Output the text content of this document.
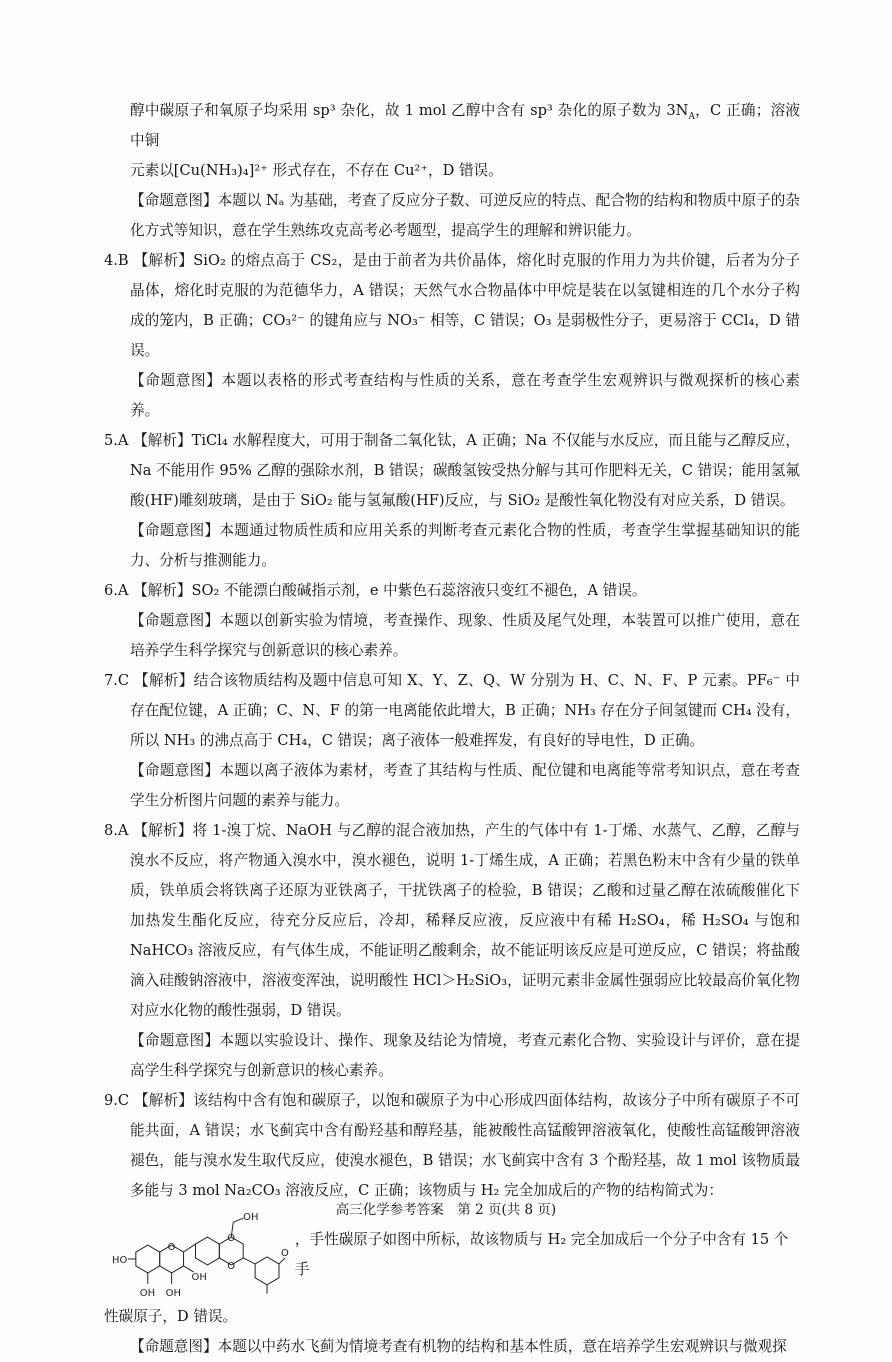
醇中碳原子和氧原子均采用 sp³ 杂化，故 1 mol 乙醇中含有 sp³ 杂化的原子数为 $3N_A$，C 正确；溶液中铜

元素以[Cu(NH₃)₄]²⁺ 形式存在，不存在 Cu²⁺，D 错误。

【命题意图】本题以 Nₐ 为基础，考查了反应分子数、可逆反应的特点、配合物的结构和物质中原子的杂化方式等知识，意在学生熟练攻克高考必考题型，提高学生的理解和辨识能力。

4.B 【解析】SiO₂ 的熔点高于 CS₂，是由于前者为共价晶体，熔化时克服的作用力为共价键，后者为分子晶体，熔化时克服的为范德华力，A 错误；天然气水合物晶体中甲烷是装在以氢键相连的几个水分子构成的笼内，B 正确；CO₃²⁻ 的键角应与 NO₃⁻ 相等，C 错误；O₃ 是弱极性分子，更易溶于 CCl₄，D 错误。

【命题意图】本题以表格的形式考查结构与性质的关系，意在考查学生宏观辨识与微观探析的核心素养。

5.A 【解析】TiCl₄ 水解程度大，可用于制备二氧化钛，A 正确；Na 不仅能与水反应，而且能与乙醇反应，Na 不能用作 95% 乙醇的强除水剂，B 错误；碳酸氢铵受热分解与其可作肥料无关，C 错误；能用氢氟酸(HF)雕刻玻璃，是由于 SiO₂ 能与氢氟酸(HF)反应，与 SiO₂ 是酸性氧化物没有对应关系，D 错误。

【命题意图】本题通过物质性质和应用关系的判断考查元素化合物的性质，考查学生掌握基础知识的能力、分析与推测能力。

6.A 【解析】SO₂ 不能漂白酸碱指示剂，e 中紫色石蕊溶液只变红不褪色，A 错误。

【命题意图】本题以创新实验为情境，考查操作、现象、性质及尾气处理，本装置可以推广使用，意在培养学生科学探究与创新意识的核心素养。

7.C 【解析】结合该物质结构及题中信息可知 X、Y、Z、Q、W 分别为 H、C、N、F、P 元素。PF₆⁻ 中存在配位键，A 正确；C、N、F 的第一电离能依此增大，B 正确；NH₃ 存在分子间氢键而 CH₄ 没有，所以 NH₃ 的沸点高于 CH₄，C 错误；离子液体一般难挥发，有良好的导电性，D 正确。

【命题意图】本题以离子液体为素材，考查了其结构与性质、配位键和电离能等常考知识点，意在考查学生分析图片问题的素养与能力。

8.A 【解析】将 1-溴丁烷、NaOH 与乙醇的混合液加热，产生的气体中有 1-丁烯、水蒸气、乙醇，乙醇与溴水不反应，将产物通入溴水中，溴水褪色，说明 1-丁烯生成，A 正确；若黑色粉末中含有少量的铁单质，铁单质会将铁离子还原为亚铁离子，干扰铁离子的检验，B 错误；乙酸和过量乙醇在浓硫酸催化下加热发生酯化反应，待充分反应后，冷却，稀释反应液，反应液中有稀 H₂SO₄，稀 H₂SO₄ 与饱和 NaHCO₃ 溶液反应，有气体生成，不能证明乙酸剩余，故不能证明该反应是可逆反应，C 错误；将盐酸滴入硅酸钠溶液中，溶液变浑浊，说明酸性 HCl＞H₂SiO₃，证明元素非金属性强弱应比较最高价氧化物对应水化物的酸性强弱，D 错误。

【命题意图】本题以实验设计、操作、现象及结论为情境，考查元素化合物、实验设计与评价，意在提高学生科学探究与创新意识的核心素养。

9.C 【解析】该结构中含有饱和碳原子，以饱和碳原子为中心形成四面体结构，故该分子中所有碳原子不可能共面，A 错误；水飞蓟宾中含有酚羟基和醇羟基，能被酸性高锰酸钾溶液氧化，使酸性高锰酸钾溶液褪色，能与溴水发生取代反应，使溴水褪色，B 错误；水飞蓟宾中含有 3 个酚羟基，故 1 mol 该物质最多能与 3 mol Na₂CO₃ 溶液反应，C 正确；该物质与 H₂ 完全加成后的产物的结构简式为：

HO
OH OH
OH
OH
O
O
O
O
，手性碳原子如图中所标，故该物质与 H₂ 完全加成后一个分子中含有 15 个手

性碳原子，D 错误。

【命题意图】本题以中药水飞蓟为情境考查有机物的结构和基本性质，意在培养学生宏观辨识与微观探

高三化学参考答案　第 2 页(共 8 页)
